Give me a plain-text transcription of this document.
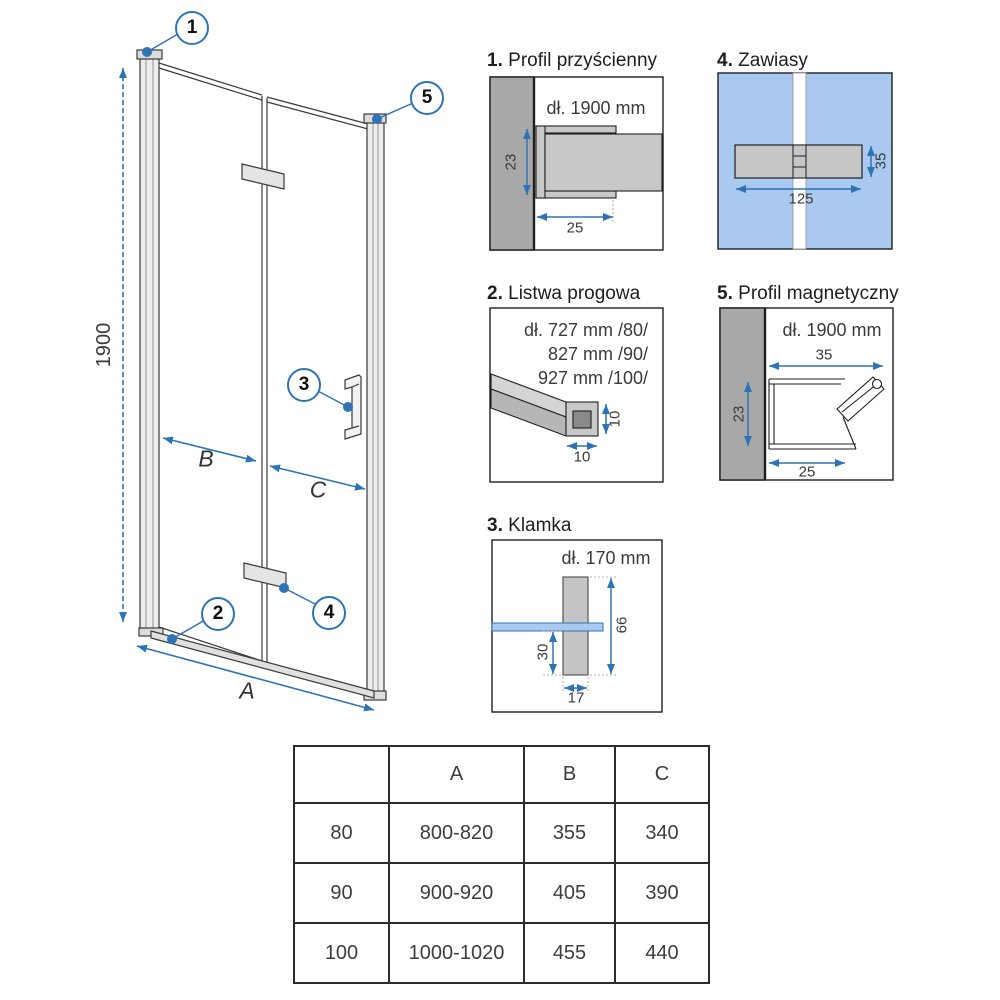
1900
B
C
A
1
5
3
2	4
1. Profil przyścienny	4. Zawiasy
2. Listwa progowa	5. Profil magnetyczny
3. Klamka
dł. 1900 mm
23
25
125
35
dł. 727 mm /80/
827 mm /90/
927 mm /100/
10
10
dł. 1900 mm
35
23
25
dł. 170 mm
66
30
17
	A	B	C
80	800-820	355	340
90	900-920	405	390
100	1000-1020	455	440
